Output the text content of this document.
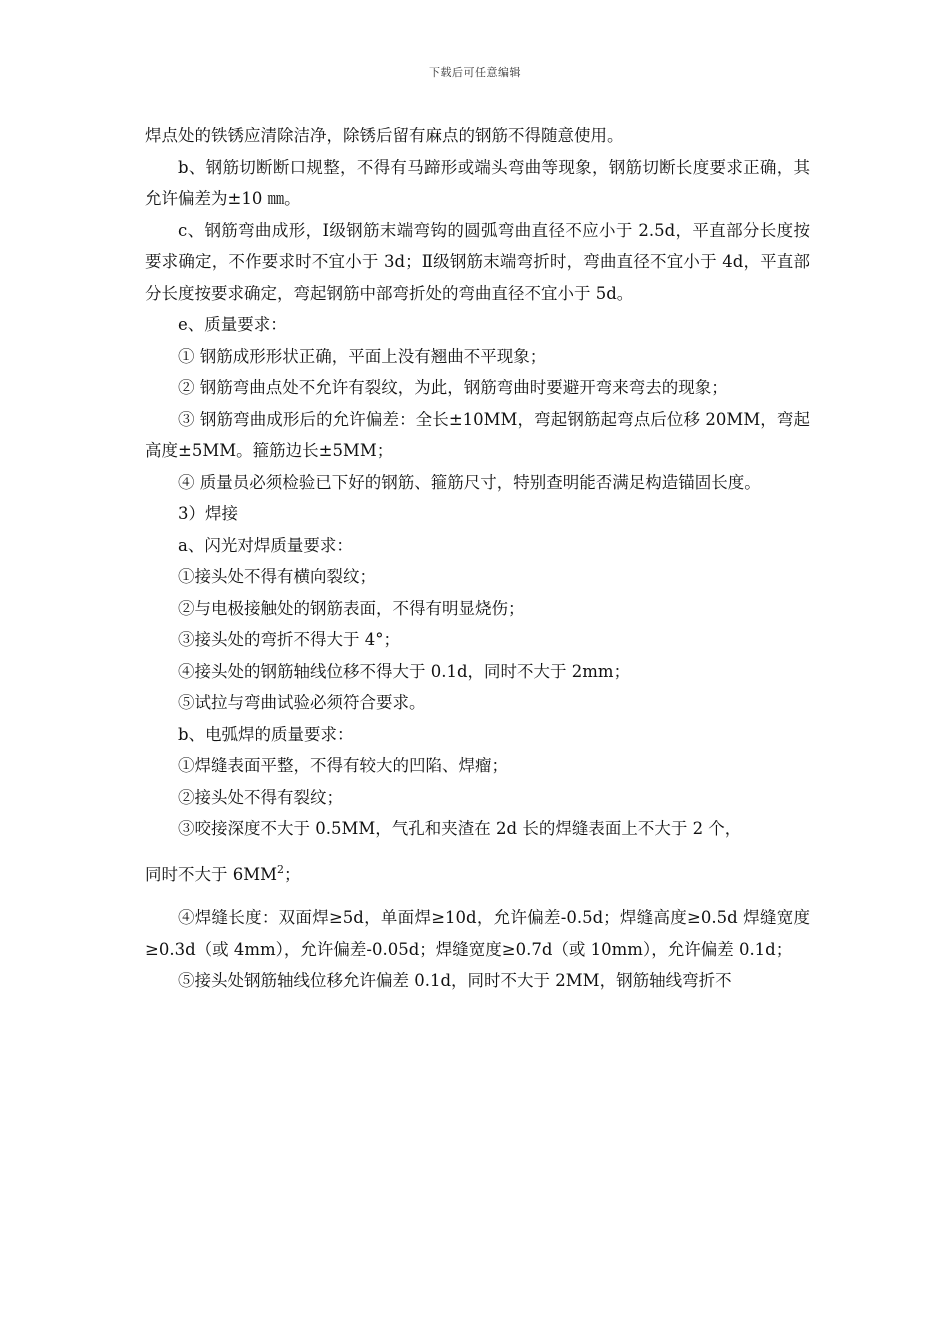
下载后可任意编辑

焊点处的铁锈应清除洁净，除锈后留有麻点的钢筋不得随意使用。

b、钢筋切断断口规整，不得有马蹄形或端头弯曲等现象，钢筋切断长度要求正确，其允许偏差为±10 ㎜。

c、钢筋弯曲成形，Ⅰ级钢筋末端弯钩的圆弧弯曲直径不应小于 2.5d，平直部分长度按要求确定，不作要求时不宜小于 3d；Ⅱ级钢筋末端弯折时，弯曲直径不宜小于 4d，平直部分长度按要求确定，弯起钢筋中部弯折处的弯曲直径不宜小于 5d。

e、质量要求：

① 钢筋成形形状正确，平面上没有翘曲不平现象；

② 钢筋弯曲点处不允许有裂纹，为此，钢筋弯曲时要避开弯来弯去的现象；

③ 钢筋弯曲成形后的允许偏差：全长±10MM，弯起钢筋起弯点后位移 20MM，弯起高度±5MM。箍筋边长±5MM；

④ 质量员必须检验已下好的钢筋、箍筋尺寸，特别查明能否满足构造锚固长度。

3）焊接

a、闪光对焊质量要求：

①接头处不得有横向裂纹；

②与电极接触处的钢筋表面，不得有明显烧伤；

③接头处的弯折不得大于 4°；

④接头处的钢筋轴线位移不得大于 0.1d，同时不大于 2mm；

⑤试拉与弯曲试验必须符合要求。

b、电弧焊的质量要求：

①焊缝表面平整，不得有较大的凹陷、焊瘤；

②接头处不得有裂纹；

③咬接深度不大于 0.5MM，气孔和夹渣在 2d 长的焊缝表面上不大于 2 个，

同时不大于 $6MM^2$；

④焊缝长度：双面焊≥5d，单面焊≥10d，允许偏差-0.5d；焊缝高度≥0.5d 焊缝宽度≥0.3d（或 4mm），允许偏差-0.05d；焊缝宽度≥0.7d（或 10mm），允许偏差 0.1d；

⑤接头处钢筋轴线位移允许偏差 0.1d，同时不大于 2MM，钢筋轴线弯折不
